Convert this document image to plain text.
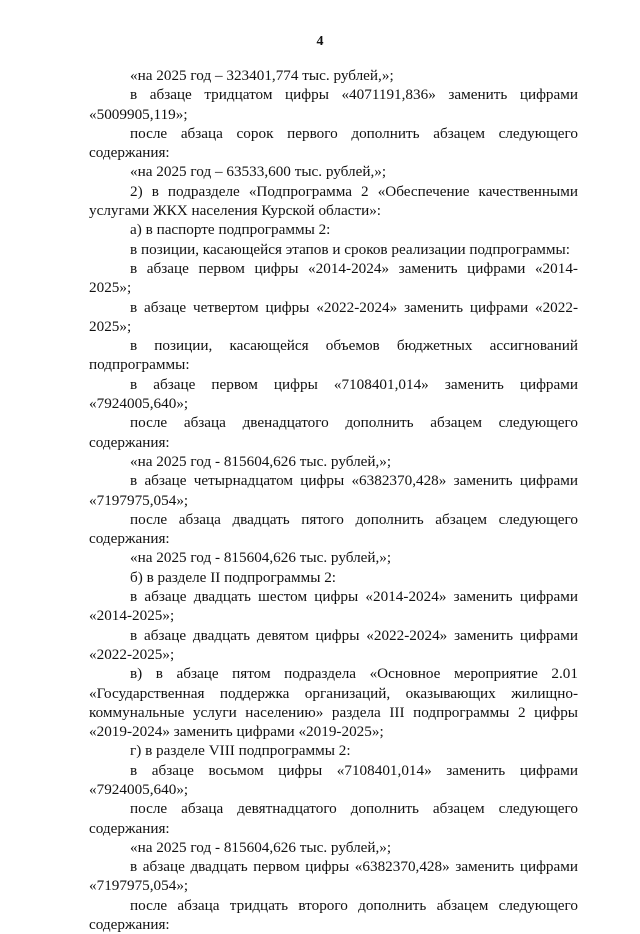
4

«на 2025 год – 323401,774 тыс. рублей,»;

в абзаце тридцатом цифры «4071191,836» заменить цифрами «5009905,119»;

после абзаца сорок первого дополнить абзацем следующего содержания:

«на 2025 год – 63533,600 тыс. рублей,»;

2) в подразделе «Подпрограмма 2 «Обеспечение качественными услугами ЖКХ населения Курской области»:

а) в паспорте подпрограммы 2:

в позиции, касающейся этапов и сроков реализации подпрограммы:

в абзаце первом цифры «2014-2024» заменить цифрами «2014-2025»;

в абзаце четвертом цифры «2022-2024» заменить цифрами «2022-2025»;

в позиции, касающейся объемов бюджетных ассигнований подпрограммы:

в абзаце первом цифры «7108401,014» заменить цифрами «7924005,640»;

после абзаца двенадцатого дополнить абзацем следующего содержания:

«на 2025 год - 815604,626 тыс. рублей,»;

в абзаце четырнадцатом цифры «6382370,428» заменить цифрами «7197975,054»;

после абзаца двадцать пятого дополнить абзацем следующего содержания:

«на 2025 год - 815604,626 тыс. рублей,»;

б) в разделе II подпрограммы 2:

в абзаце двадцать шестом цифры «2014-2024» заменить цифрами «2014-2025»;

в абзаце двадцать девятом цифры «2022-2024» заменить цифрами «2022-2025»;

в) в абзаце пятом подраздела «Основное мероприятие 2.01 «Государственная поддержка организаций, оказывающих жилищно-коммунальные услуги населению» раздела III подпрограммы 2 цифры «2019-2024» заменить цифрами «2019-2025»;

г) в разделе VIII подпрограммы 2:

в абзаце восьмом цифры «7108401,014» заменить цифрами «7924005,640»;

после абзаца девятнадцатого дополнить абзацем следующего содержания:

«на 2025 год - 815604,626 тыс. рублей,»;

в абзаце двадцать первом цифры «6382370,428» заменить цифрами «7197975,054»;

после абзаца тридцать второго дополнить абзацем следующего содержания:
